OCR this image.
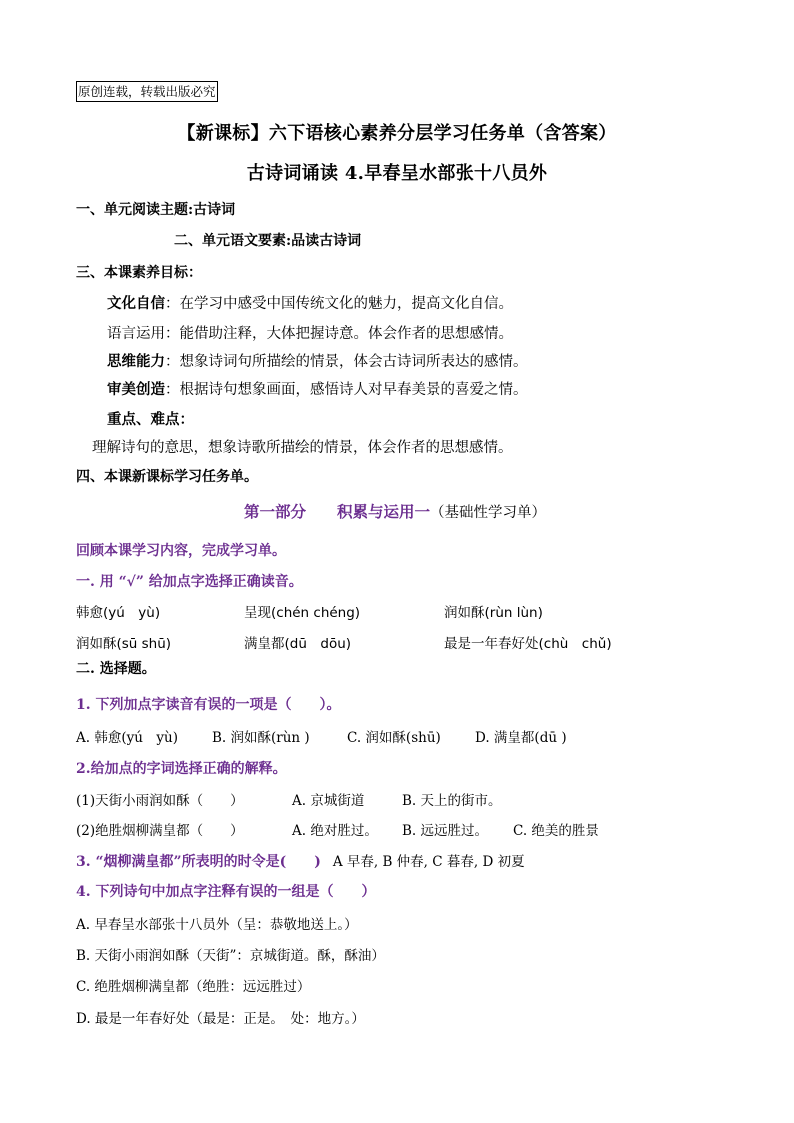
原创连载，转载出版必究
【新课标】六下语核心素养分层学习任务单（含答案）
古诗词诵读 4.早春呈水部张十八员外
一、单元阅读主题:古诗词
二、单元语文要素:品读古诗词
三、本课素养目标：
文化自信：在学习中感受中国传统文化的魅力，提高文化自信。
语言运用：能借助注释，大体把握诗意。体会作者的思想感情。
思维能力：想象诗词句所描绘的情景，体会古诗词所表达的感情。
审美创造：根据诗句想象画面，感悟诗人对早春美景的喜爱之情。
重点、难点：
理解诗句的意思，想象诗歌所描绘的情景，体会作者的思想感情。
四、本课新课标学习任务单。
第一部分　　积累与运用一（基础性学习单）
回顾本课学习内容，完成学习单。
一. 用 “√” 给加点字选择正确读音。
韩愈(yú　yù)	呈现(chén chéng)	润如酥(rùn lùn)
润如酥(sū shū)	满皇都(dū　dōu)	最是一年春好处(chù　chǔ)
二. 选择题。
1. 下列加点字读音有误的一项是（　　）。
A. 韩愈(yú　yù)	B. 润如酥(rùn )	C. 润如酥(shū)	D. 满皇都(dū )
2.给加点的字词选择正确的解释。
(1)天街小雨润如酥（　　）	A. 京城街道	B. 天上的街市。
(2)绝胜烟柳满皇都（　　）	A. 绝对胜过。 B. 远远胜过。 C. 绝美的胜景
3. “烟柳满皇都”所表明的时令是(　　) A 早春, B 仲春, C 暮春, D 初夏
4. 下列诗句中加点字注释有误的一组是（　　）
A. 早春呈水部张十八员外（呈：恭敬地送上。）
B. 天街小雨润如酥（天街”：京城街道。酥，酥油）
C. 绝胜烟柳满皇都（绝胜：远远胜过）
D. 最是一年春好处（最是：正是。　处：地方。）
